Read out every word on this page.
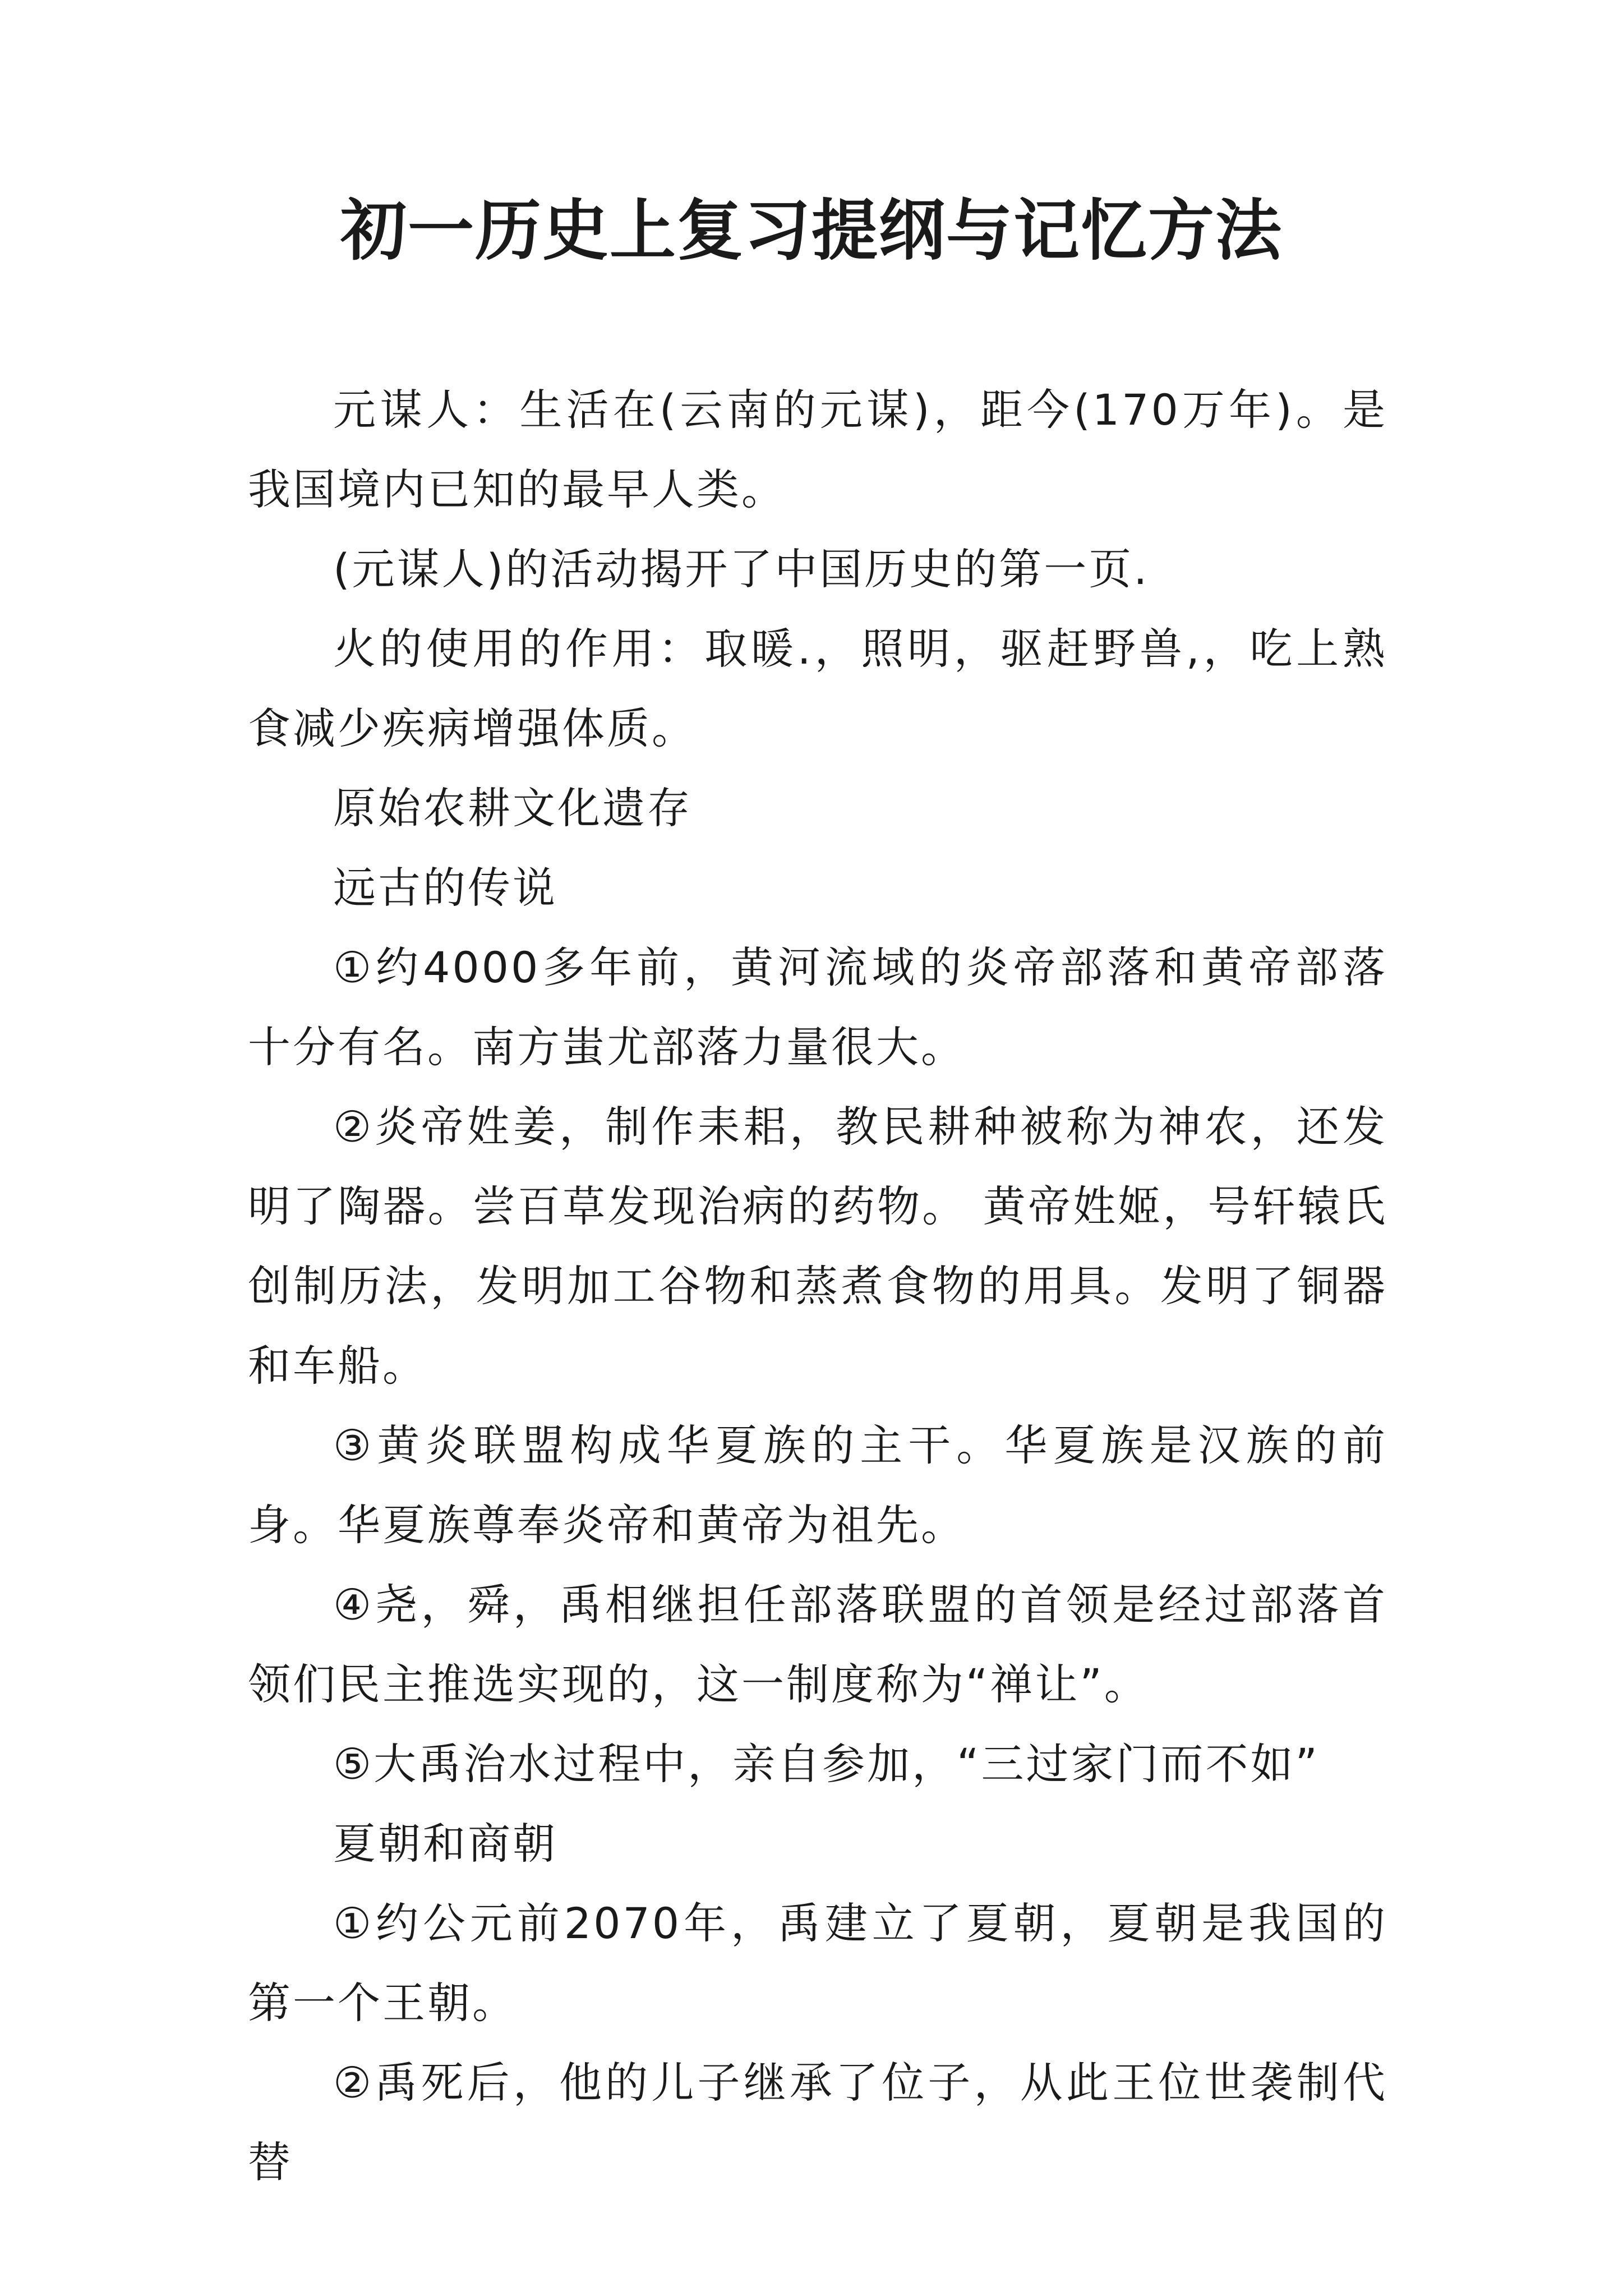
初一历史上复习提纲与记忆方法

元谋人：生活在(云南的元谋)，距今(170万年)。是我国境内已知的最早人类。

(元谋人)的活动揭开了中国历史的第一页.

火的使用的作用：取暖.，照明，驱赶野兽,，吃上熟食减少疾病增强体质。

原始农耕文化遗存

远古的传说

①约4000多年前，黄河流域的炎帝部落和黄帝部落十分有名。南方蚩尤部落力量很大。

②炎帝姓姜，制作耒耜，教民耕种被称为神农，还发明了陶器。尝百草发现治病的药物。 黄帝姓姬，号轩辕氏创制历法，发明加工谷物和蒸煮食物的用具。发明了铜器和车船。

③黄炎联盟构成华夏族的主干。华夏族是汉族的前身。华夏族尊奉炎帝和黄帝为祖先。

④尧，舜，禹相继担任部落联盟的首领是经过部落首领们民主推选实现的，这一制度称为“禅让”。

⑤大禹治水过程中，亲自参加，“三过家门而不如”

夏朝和商朝

①约公元前2070年，禹建立了夏朝，夏朝是我国的第一个王朝。

②禹死后，他的儿子继承了位子，从此王位世袭制代替
